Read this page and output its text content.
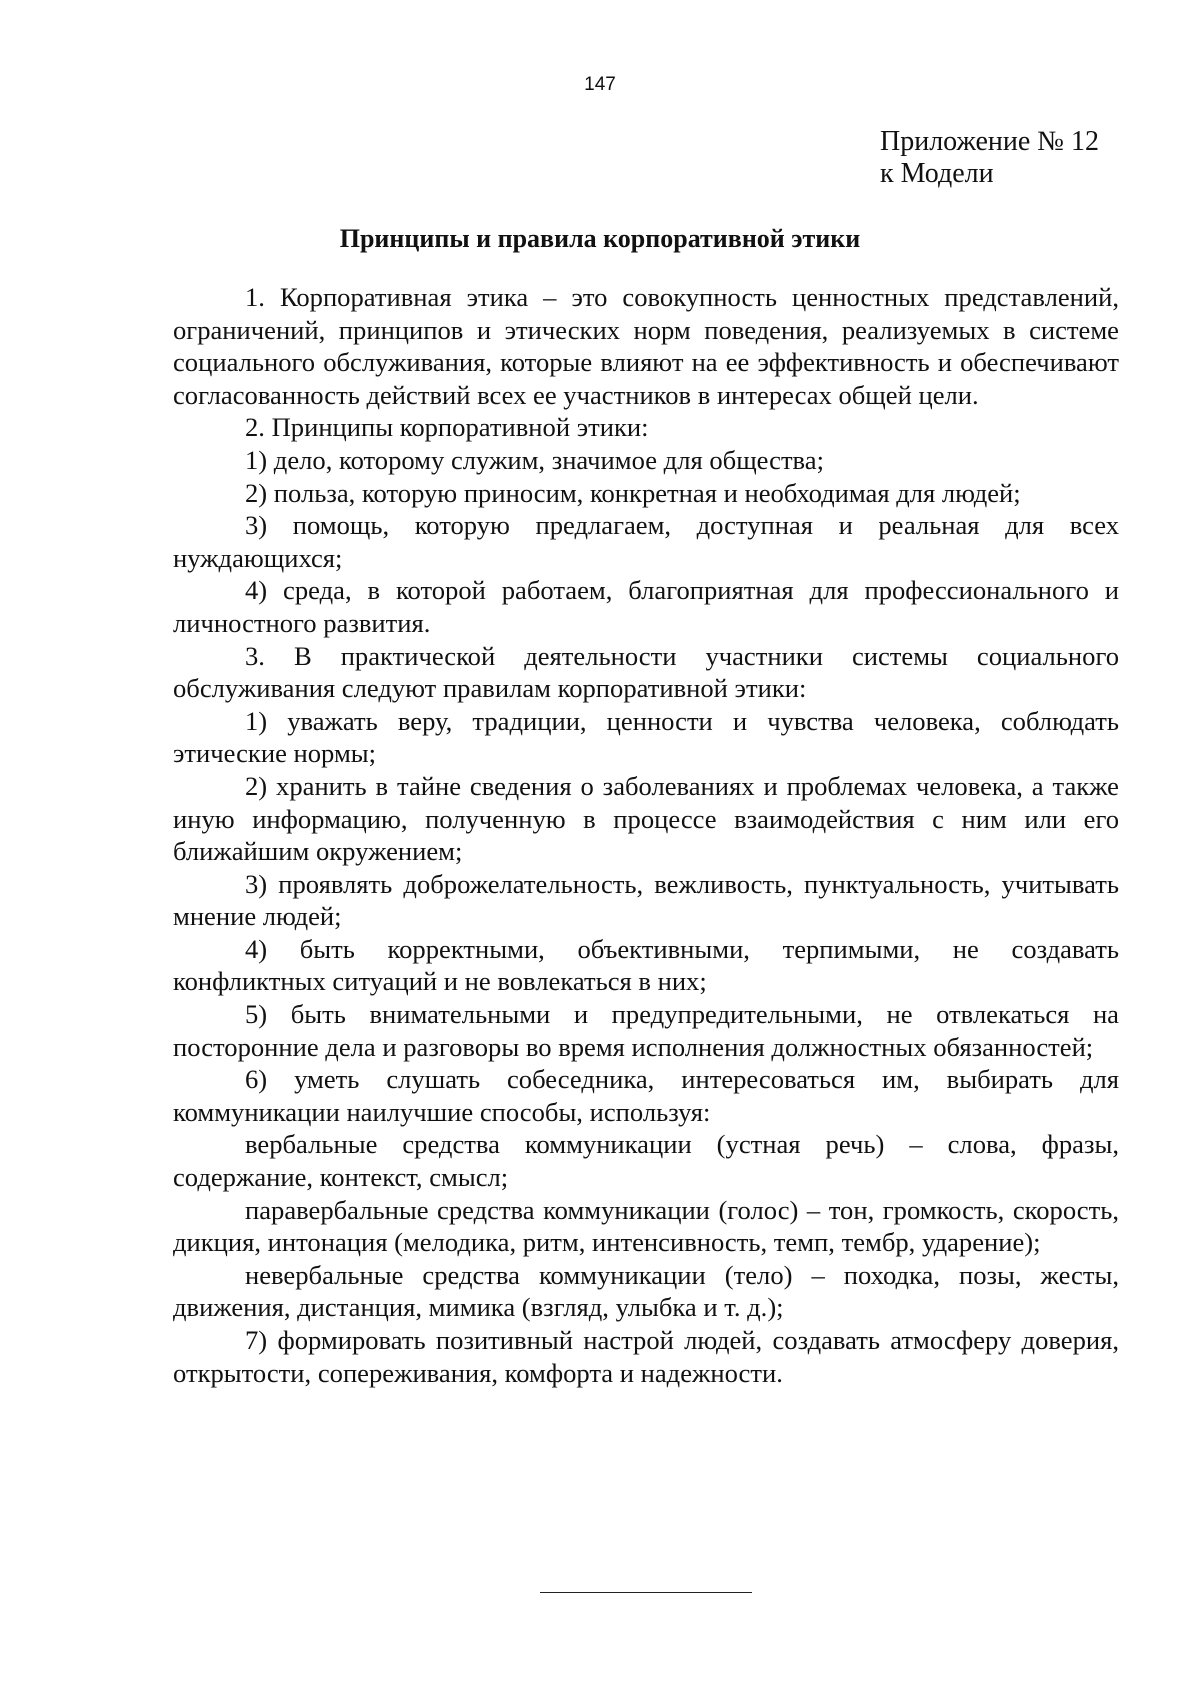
147
Приложение № 12
к Модели
Принципы и правила корпоративной этики

1. Корпоративная этика – это совокупность ценностных представлений, ограничений, принципов и этических норм поведения, реализуемых в системе социального обслуживания, которые влияют на ее эффективность и обеспечивают согласованность действий всех ее участников в интересах общей цели.

2. Принципы корпоративной этики:

1) дело, которому служим, значимое для общества;

2) польза, которую приносим, конкретная и необходимая для людей;

3) помощь, которую предлагаем, доступная и реальная для всех нуждающихся;

4) среда, в которой работаем, благоприятная для профессионального и личностного развития.

3. В практической деятельности участники системы социального обслуживания следуют правилам корпоративной этики:

1) уважать веру, традиции, ценности и чувства человека, соблюдать этические нормы;

2) хранить в тайне сведения о заболеваниях и проблемах человека, а также иную информацию, полученную в процессе взаимодействия с ним или его ближайшим окружением;

3) проявлять доброжелательность, вежливость, пунктуальность, учитывать мнение людей;

4) быть корректными, объективными, терпимыми, не создавать конфликтных ситуаций и не вовлекаться в них;

5) быть внимательными и предупредительными, не отвлекаться на посторонние дела и разговоры во время исполнения должностных обязанностей;

6) уметь слушать собеседника, интересоваться им, выбирать для коммуникации наилучшие способы, используя:

вербальные средства коммуникации (устная речь) – слова, фразы, содержание, контекст, смысл;

паравербальные средства коммуникации (голос) – тон, громкость, скорость, дикция, интонация (мелодика, ритм, интенсивность, темп, тембр, ударение);

невербальные средства коммуникации (тело) – походка, позы, жесты, движения, дистанция, мимика (взгляд, улыбка и т. д.);

7) формировать позитивный настрой людей, создавать атмосферу доверия, открытости, сопереживания, комфорта и надежности.
